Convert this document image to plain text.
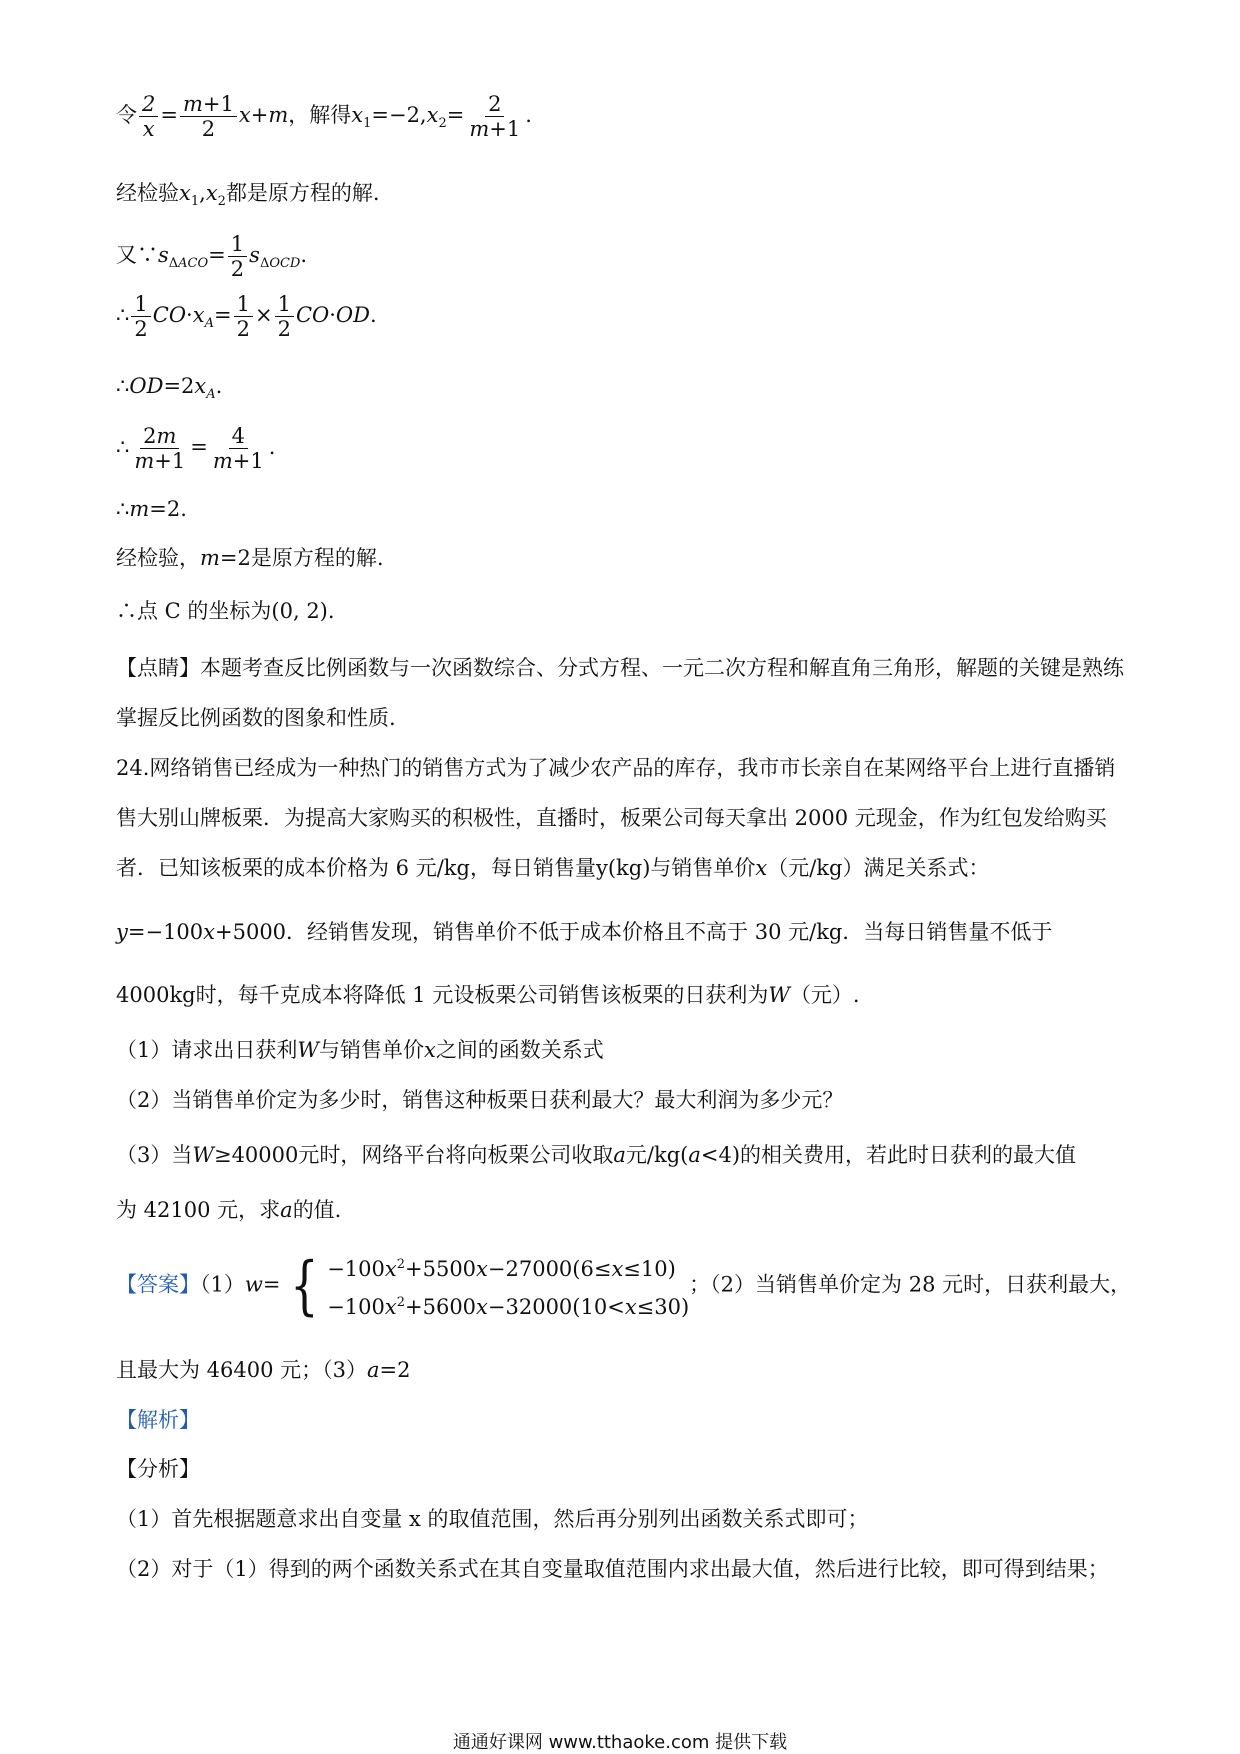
令 $\frac{2}{x} = \frac{m+1}{2} x+m$，解得$x_1=-2,x_2= \frac{2}{m+1}$ .
经检验$x_1,x_2$都是原方程的解.
又$\because s_{\Delta ACO}= \frac{1}{2} s_{\Delta OCD}$.
∴ $\frac{1}{2} CO\cdot x_A= \frac{1}{2} \times \frac{1}{2} CO\cdot OD$.
$\therefore OD=2x_A$.
∴ $\frac{2m}{m+1} = \frac{4}{m+1}$ .
∴m=2.
经检验，m=2是原方程的解.
∴点 C 的坐标为(0, 2).
【点睛】本题考查反比例函数与一次函数综合、分式方程、一元二次方程和解直角三角形，解题的关键是熟练掌握反比例函数的图象和性质.
24.网络销售已经成为一种热门的销售方式为了减少农产品的库存，我市市长亲自在某网络平台上进行直播销售大别山牌板栗．为提高大家购买的积极性，直播时，板栗公司每天拿出 2000 元现金，作为红包发给购买者．已知该板栗的成本价格为 6 元/kg，每日销售量y(kg)与销售单价x（元/kg）满足关系式：
y=−100x+5000．经销售发现，销售单价不低于成本价格且不高于 30 元/kg．当每日销售量不低于
4000kg时，每千克成本将降低 1 元设板栗公司销售该板栗的日获利为W（元）.
（1）请求出日获利W与销售单价x之间的函数关系式
（2）当销售单价定为多少时，销售这种板栗日获利最大？最大利润为多少元？
（3）当W≥40000元时，网络平台将向板栗公司收取a元/kg(a<4)的相关费用，若此时日获利的最大值
为 42100 元，求a的值.
【答案】（1）w= { $-100x^2+5500x-27000(6\le x\le 10)$
$-100x^2+5600x-32000(10<x\le 30)$
；（2）当销售单价定为 28 元时，日获利最大，
且最大为 46400 元；（3）a=2
【解析】
【分析】
（1）首先根据题意求出自变量 x 的取值范围，然后再分别列出函数关系式即可；
（2）对于（1）得到的两个函数关系式在其自变量取值范围内求出最大值，然后进行比较，即可得到结果；
通通好课网 www.tthaoke.com 提供下载
